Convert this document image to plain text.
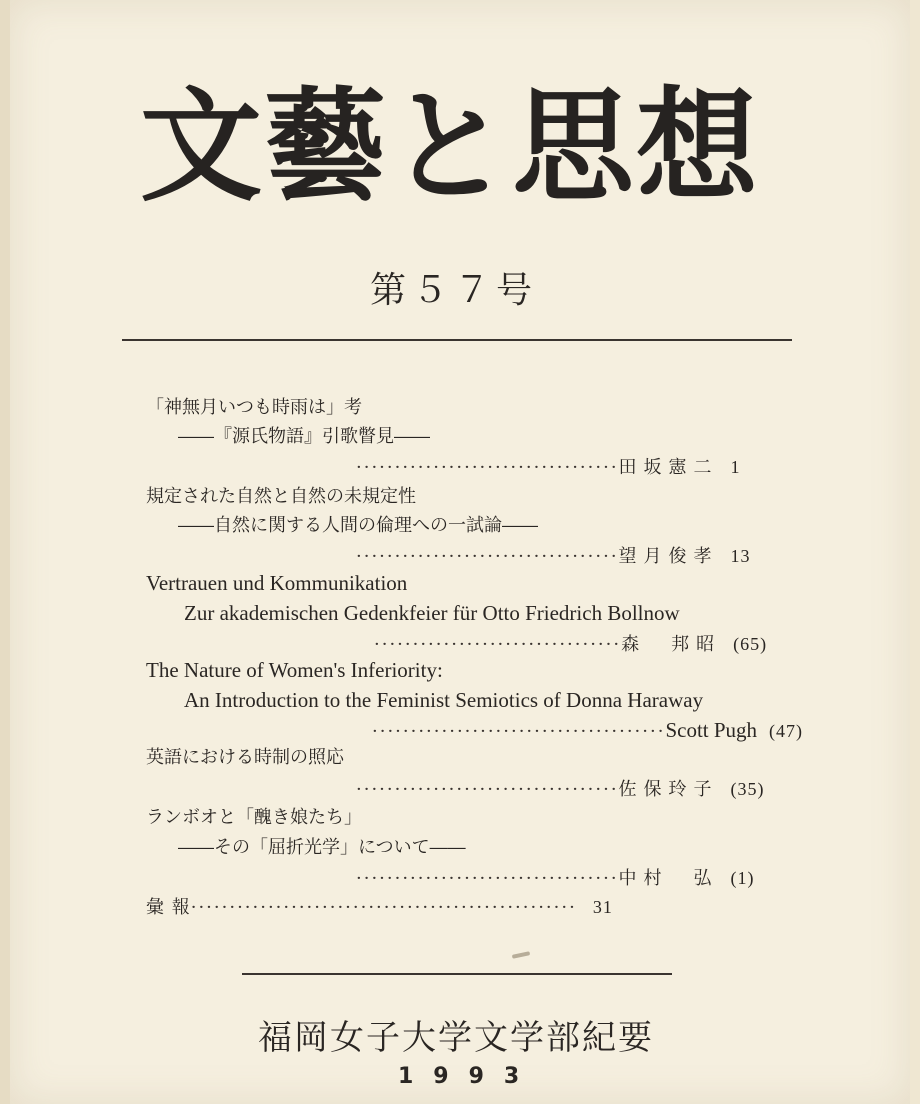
文藝と思想
第５７号
「神無月いつも時雨は」考
――『源氏物語』引歌瞥見――
··································田坂憲二 1
規定された自然と自然の未規定性
――自然に関する人間の倫理への一試論――
··································望月俊孝 13
Vertrauen und Kommunikation
Zur akademischen Gedenkfeier für Otto Friedrich Bollnow
································森　邦昭 (65)
The Nature of Women's Inferiority:
An Introduction to the Feminist Semiotics of Donna Haraway
······································Scott Pugh (47)
英語における時制の照応
··································佐保玲子 (35)
ランボオと「醜き娘たち」
――その「屈折光学」について――
··································中村　弘 (1)
彙 報·················································· 31
福岡女子大学文学部紀要
1993
